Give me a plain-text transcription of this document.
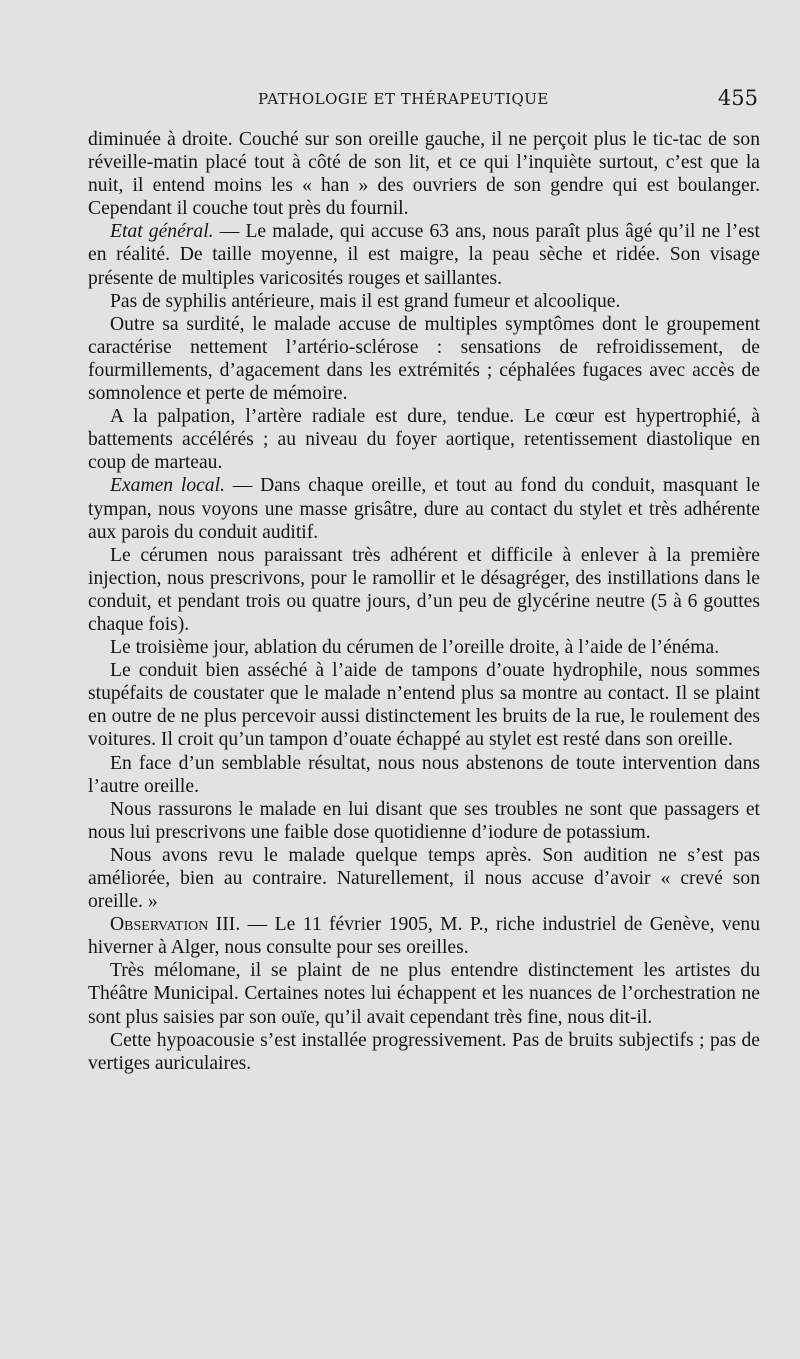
PATHOLOGIE ET THÉRAPEUTIQUE	455

diminuée à droite. Couché sur son oreille gauche, il ne perçoit plus le tic-tac de son réveille-matin placé tout à côté de son lit, et ce qui l’inquiète surtout, c’est que la nuit, il entend moins les « han » des ouvriers de son gendre qui est boulanger. Cependant il couche tout près du fournil.

Etat général. — Le malade, qui accuse 63 ans, nous paraît plus âgé qu’il ne l’est en réalité. De taille moyenne, il est maigre, la peau sèche et ridée. Son visage présente de multiples varicosités rouges et saillantes.

Pas de syphilis antérieure, mais il est grand fumeur et alcoolique.

Outre sa surdité, le malade accuse de multiples symptômes dont le groupement caractérise nettement l’artério-sclérose : sensations de refroidissement, de fourmillements, d’agacement dans les extrémités ; céphalées fugaces avec accès de somnolence et perte de mémoire.

A la palpation, l’artère radiale est dure, tendue. Le cœur est hypertrophié, à battements accélérés ; au niveau du foyer aortique, retentissement diastolique en coup de marteau.

Examen local. — Dans chaque oreille, et tout au fond du conduit, masquant le tympan, nous voyons une masse grisâtre, dure au contact du stylet et très adhérente aux parois du conduit auditif.

Le cérumen nous paraissant très adhérent et difficile à enlever à la première injection, nous prescrivons, pour le ramollir et le désagréger, des instillations dans le conduit, et pendant trois ou quatre jours, d’un peu de glycérine neutre (5 à 6 gouttes chaque fois).

Le troisième jour, ablation du cérumen de l’oreille droite, à l’aide de l’énéma.

Le conduit bien asséché à l’aide de tampons d’ouate hydrophile, nous sommes stupéfaits de coustater que le malade n’entend plus sa montre au contact. Il se plaint en outre de ne plus percevoir aussi distinctement les bruits de la rue, le roulement des voitures. Il croit qu’un tampon d’ouate échappé au stylet est resté dans son oreille.

En face d’un semblable résultat, nous nous abstenons de toute intervention dans l’autre oreille.

Nous rassurons le malade en lui disant que ses troubles ne sont que passagers et nous lui prescrivons une faible dose quotidienne d’iodure de potassium.

Nous avons revu le malade quelque temps après. Son audition ne s’est pas améliorée, bien au contraire. Naturellement, il nous accuse d’avoir « crevé son oreille. »

Observation III. — Le 11 février 1905, M. P., riche industriel de Genève, venu hiverner à Alger, nous consulte pour ses oreilles.

Très mélomane, il se plaint de ne plus entendre distinctement les artistes du Théâtre Municipal. Certaines notes lui échappent et les nuances de l’orchestration ne sont plus saisies par son ouïe, qu’il avait cependant très fine, nous dit-il.

Cette hypoacousie s’est installée progressivement. Pas de bruits subjectifs ; pas de vertiges auriculaires.
